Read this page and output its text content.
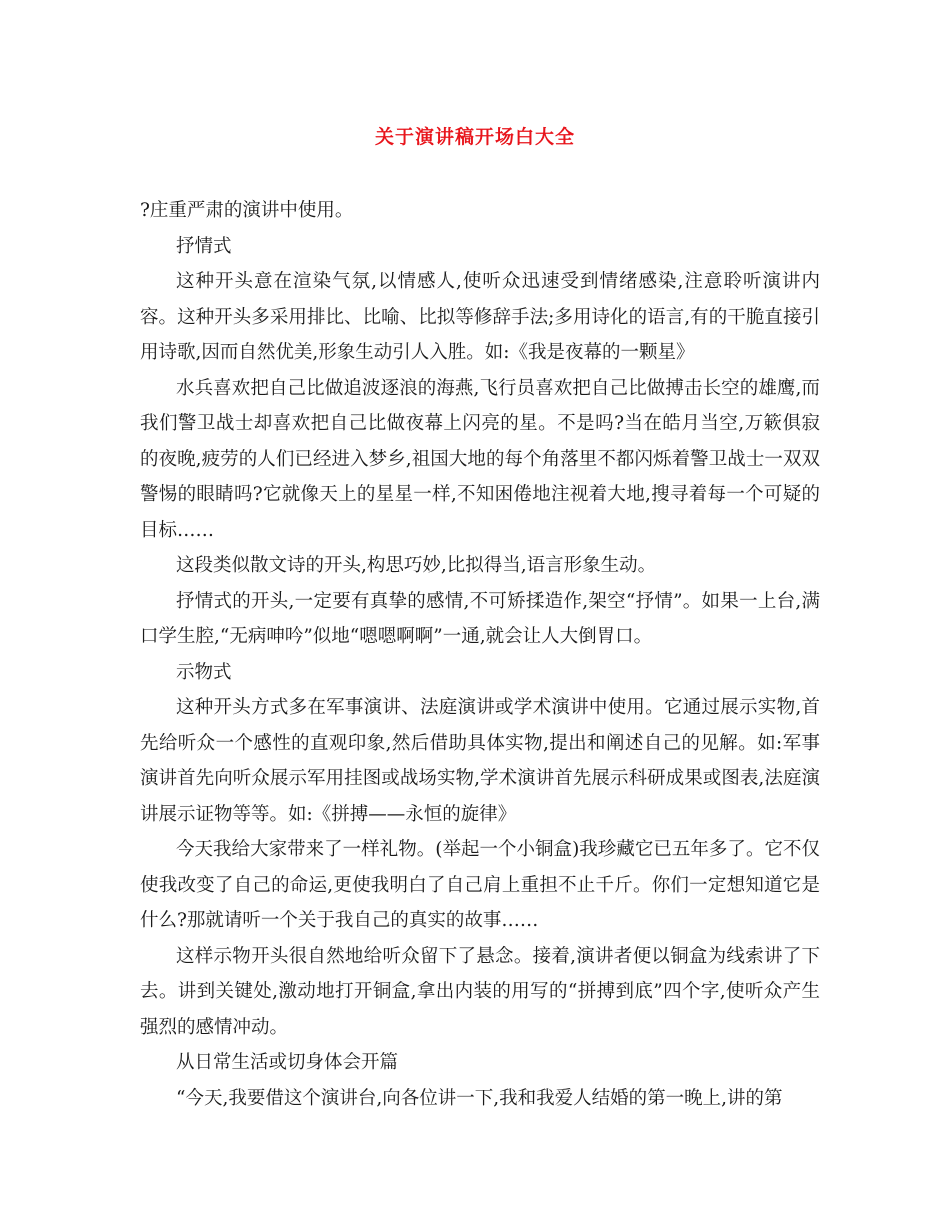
关于演讲稿开场白大全

?庄重严肃的演讲中使用。

抒情式

这种开头意在渲染气氛,以情感人,使听众迅速受到情绪感染,注意聆听演讲内容。这种开头多采用排比、比喻、比拟等修辞手法;多用诗化的语言,有的干脆直接引用诗歌,因而自然优美,形象生动引人入胜。如:《我是夜幕的一颗星》

水兵喜欢把自己比做追波逐浪的海燕,飞行员喜欢把自己比做搏击长空的雄鹰,而我们警卫战士却喜欢把自己比做夜幕上闪亮的星。不是吗?当在皓月当空,万簌俱寂的夜晚,疲劳的人们已经进入梦乡,祖国大地的每个角落里不都闪烁着警卫战士一双双警惕的眼睛吗?它就像天上的星星一样,不知困倦地注视着大地,搜寻着每一个可疑的目标……

这段类似散文诗的开头,构思巧妙,比拟得当,语言形象生动。

抒情式的开头,一定要有真挚的感情,不可矫揉造作,架空“抒情”。如果一上台,满口学生腔,“无病呻吟”似地“嗯嗯啊啊”一通,就会让人大倒胃口。

示物式

这种开头方式多在军事演讲、法庭演讲或学术演讲中使用。它通过展示实物,首先给听众一个感性的直观印象,然后借助具体实物,提出和阐述自己的见解。如:军事演讲首先向听众展示军用挂图或战场实物,学术演讲首先展示科研成果或图表,法庭演讲展示证物等等。如:《拼搏——永恒的旋律》

今天我给大家带来了一样礼物。(举起一个小铜盒)我珍藏它已五年多了。它不仅使我改变了自己的命运,更使我明白了自己肩上重担不止千斤。你们一定想知道它是什么?那就请听一个关于我自己的真实的故事……

这样示物开头很自然地给听众留下了悬念。接着,演讲者便以铜盒为线索讲了下去。讲到关键处,激动地打开铜盒,拿出内装的用写的“拼搏到底”四个字,使听众产生强烈的感情冲动。

从日常生活或切身体会开篇

“今天,我要借这个演讲台,向各位讲一下,我和我爱人结婚的第一晚上,讲的第
